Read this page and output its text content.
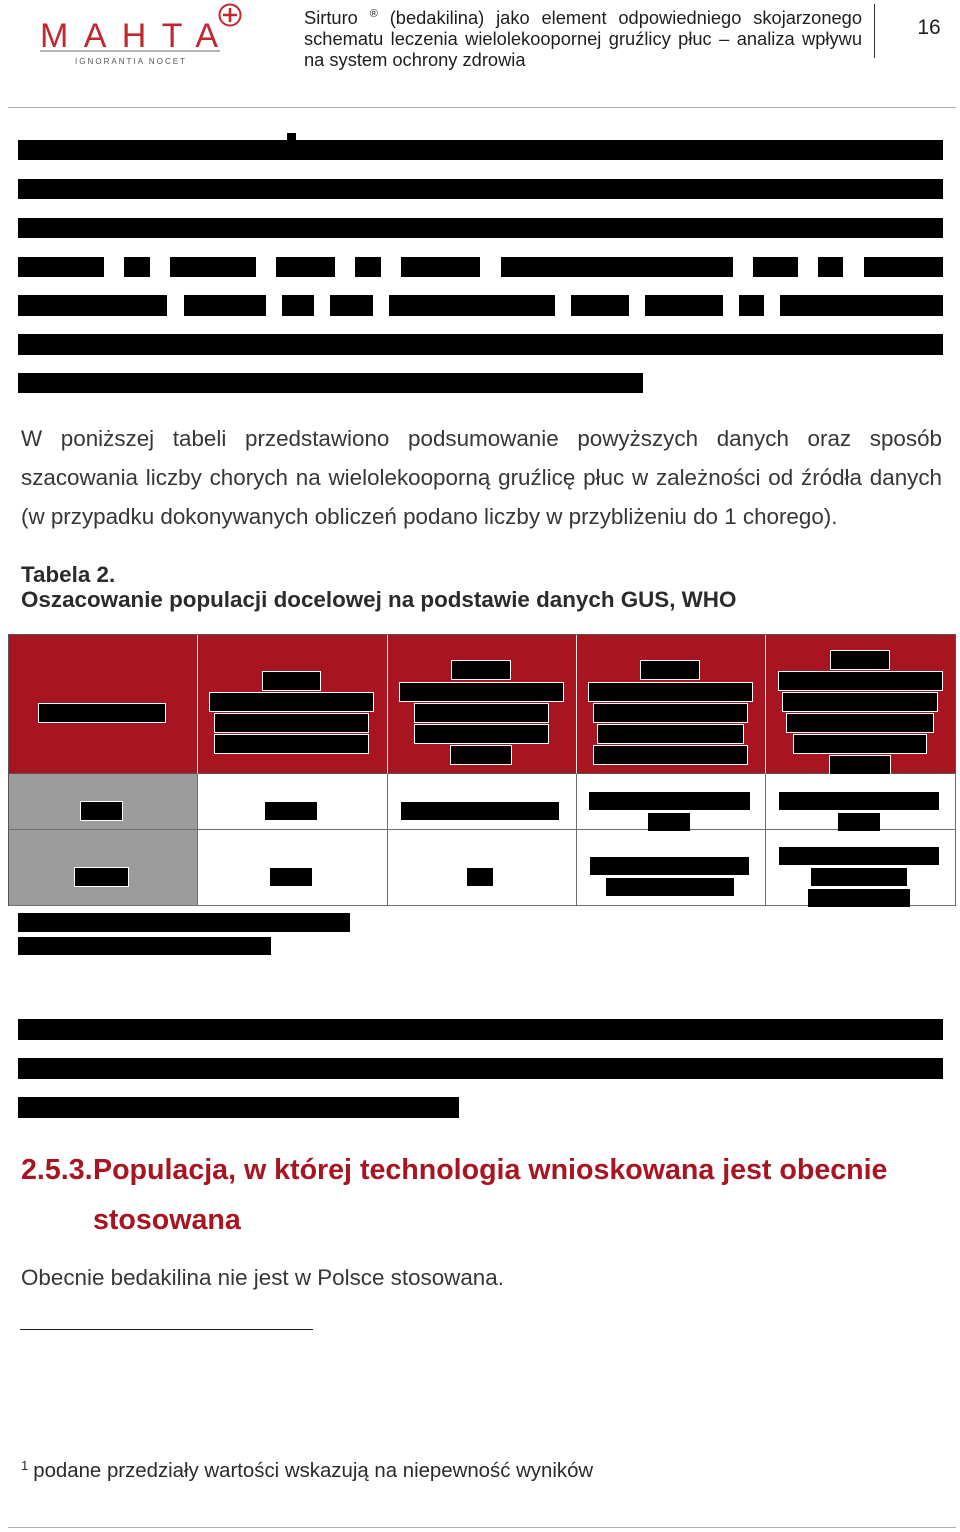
MAHTA
IGNORANTIA NOCET
Sirturo ® (bedakilina) jako element odpowiedniego skojarzonego
schematu leczenia wielolekoopornej gruźlicy płuc – analiza wpływu
na system ochrony zdrowia
16
W poniższej tabeli przedstawiono podsumowanie powyższych danych oraz sposób szacowania liczby chorych na wielolekooporną gruźlicę płuc w zależności od źródła danych (w przypadku dokonywanych obliczeń podano liczby w przybliżeniu do 1 chorego).
Tabela 2.
Oszacowanie populacji docelowej na podstawie danych GUS, WHO
2.5.3. Populacja, w której technologia wnioskowana jest obecnie stosowana
Obecnie bedakilina nie jest w Polsce stosowana.
$^1$ podane przedziały wartości wskazują na niepewność wyników
